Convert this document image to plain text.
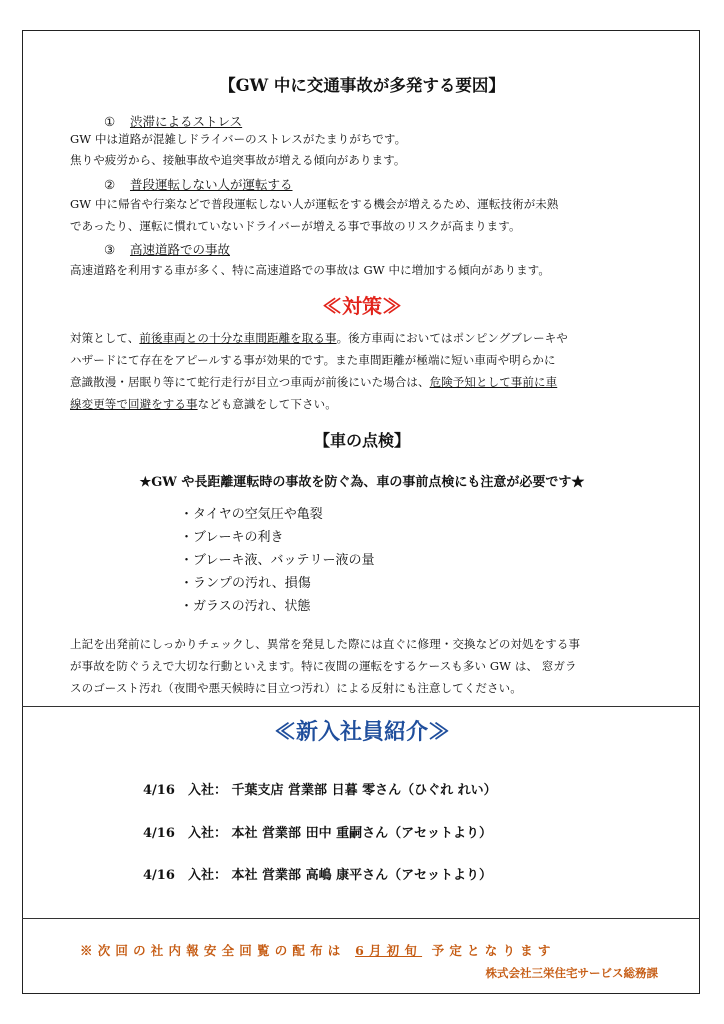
【GW 中に交通事故が多発する要因】
① 渋滞によるストレス
GW 中は道路が混雑しドライバーのストレスがたまりがちです。
焦りや疲労から、接触事故や追突事故が増える傾向があります。
② 普段運転しない人が運転する
GW 中に帰省や行楽などで普段運転しない人が運転をする機会が増えるため、運転技術が未熟
であったり、運転に慣れていないドライバーが増える事で事故のリスクが高まります。
③ 高速道路での事故
高速道路を利用する車が多く、特に高速道路での事故は GW 中に増加する傾向があります。
≪対策≫
対策として、前後車両との十分な車間距離を取る事。後方車両においてはポンピングブレーキや
ハザードにて存在をアピールする事が効果的です。また車間距離が極端に短い車両や明らかに
意識散漫・居眠り等にて蛇行走行が目立つ車両が前後にいた場合は、危険予知として事前に車
線変更等で回避をする事なども意識をして下さい。
【車の点検】
★GW や長距離運転時の事故を防ぐ為、車の事前点検にも注意が必要です★
・タイヤの空気圧や亀裂
・ブレーキの利き
・ブレーキ液、バッテリー液の量
・ランプの汚れ、損傷
・ガラスの汚れ、状態
上記を出発前にしっかりチェックし、異常を発見した際には直ぐに修理・交換などの対処をする事
が事故を防ぐうえで大切な行動といえます。特に夜間の運転をするケースも多い GW は、 窓ガラ
スのゴースト汚れ（夜間や悪天候時に目立つ汚れ）による反射にも注意してください。
≪新入社員紹介≫
4/16 入社： 千葉支店 営業部 日暮 零さん（ひぐれ れい）
4/16 入社： 本社 営業部 田中 重嗣さん（アセットより）
4/16 入社： 本社 営業部 高嶋 康平さん（アセットより）
※次回の社内報安全回覧の配布は 6月初旬 予定となります
株式会社三栄住宅サービス総務課
